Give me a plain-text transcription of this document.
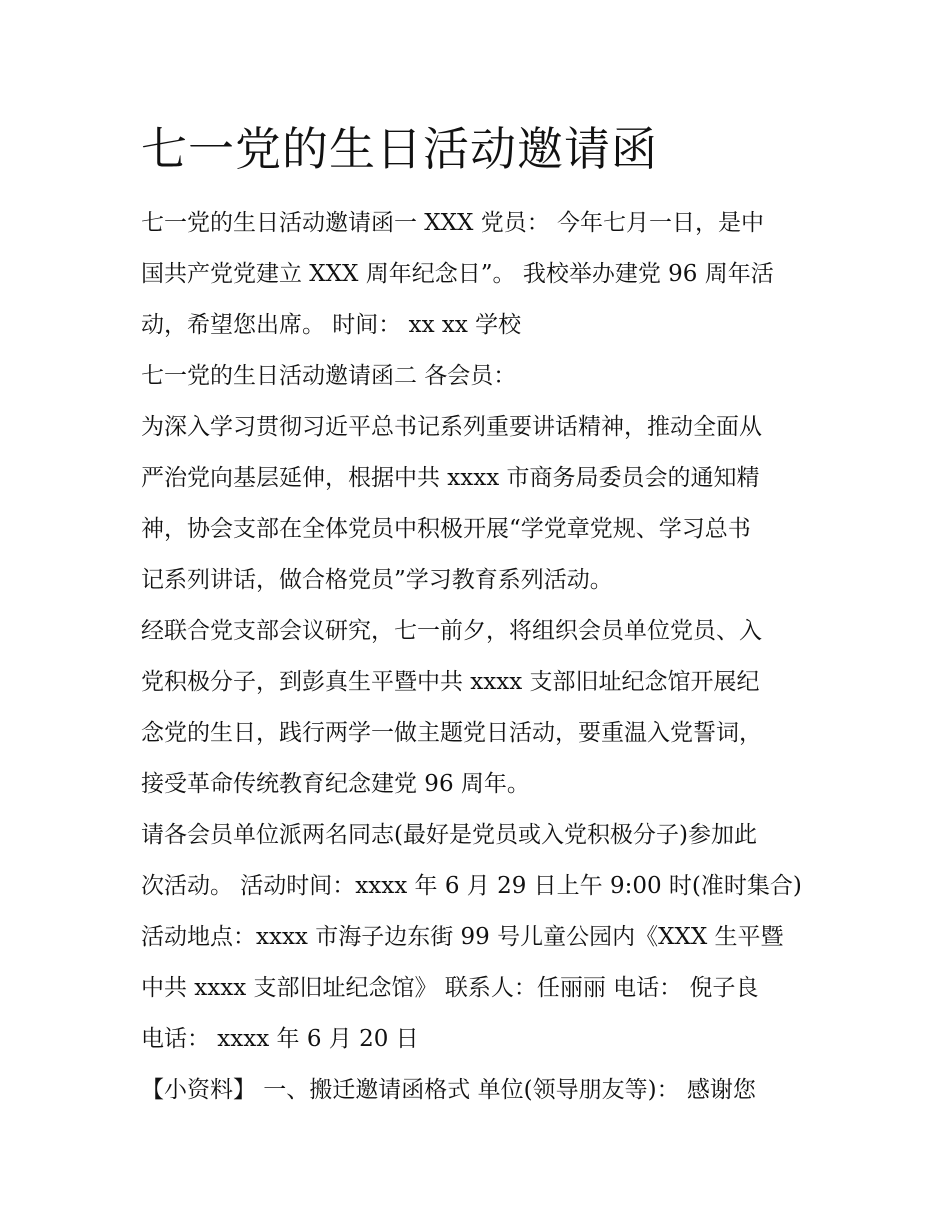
七一党的生日活动邀请函

七一党的生日活动邀请函一 XXX 党员： 今年七月一日，是中

国共产党党建立 XXX 周年纪念日”。 我校举办建党 96 周年活

动，希望您出席。 时间： xx xx 学校

七一党的生日活动邀请函二 各会员：

为深入学习贯彻习近平总书记系列重要讲话精神，推动全面从

严治党向基层延伸，根据中共 xxxx 市商务局委员会的通知精

神，协会支部在全体党员中积极开展“学党章党规、学习总书

记系列讲话，做合格党员”学习教育系列活动。

经联合党支部会议研究，七一前夕，将组织会员单位党员、入

党积极分子，到彭真生平暨中共 xxxx 支部旧址纪念馆开展纪

念党的生日，践行两学一做主题党日活动，要重温入党誓词，

接受革命传统教育纪念建党 96 周年。

请各会员单位派两名同志(最好是党员或入党积极分子)参加此

次活动。 活动时间：xxxx 年 6 月 29 日上午 9:00 时(准时集合)

活动地点：xxxx 市海子边东街 99 号儿童公园内《XXX 生平暨

中共 xxxx 支部旧址纪念馆》 联系人：任丽丽 电话： 倪子良

电话： xxxx 年 6 月 20 日

【小资料】 一、搬迁邀请函格式 单位(领导朋友等)： 感谢您
